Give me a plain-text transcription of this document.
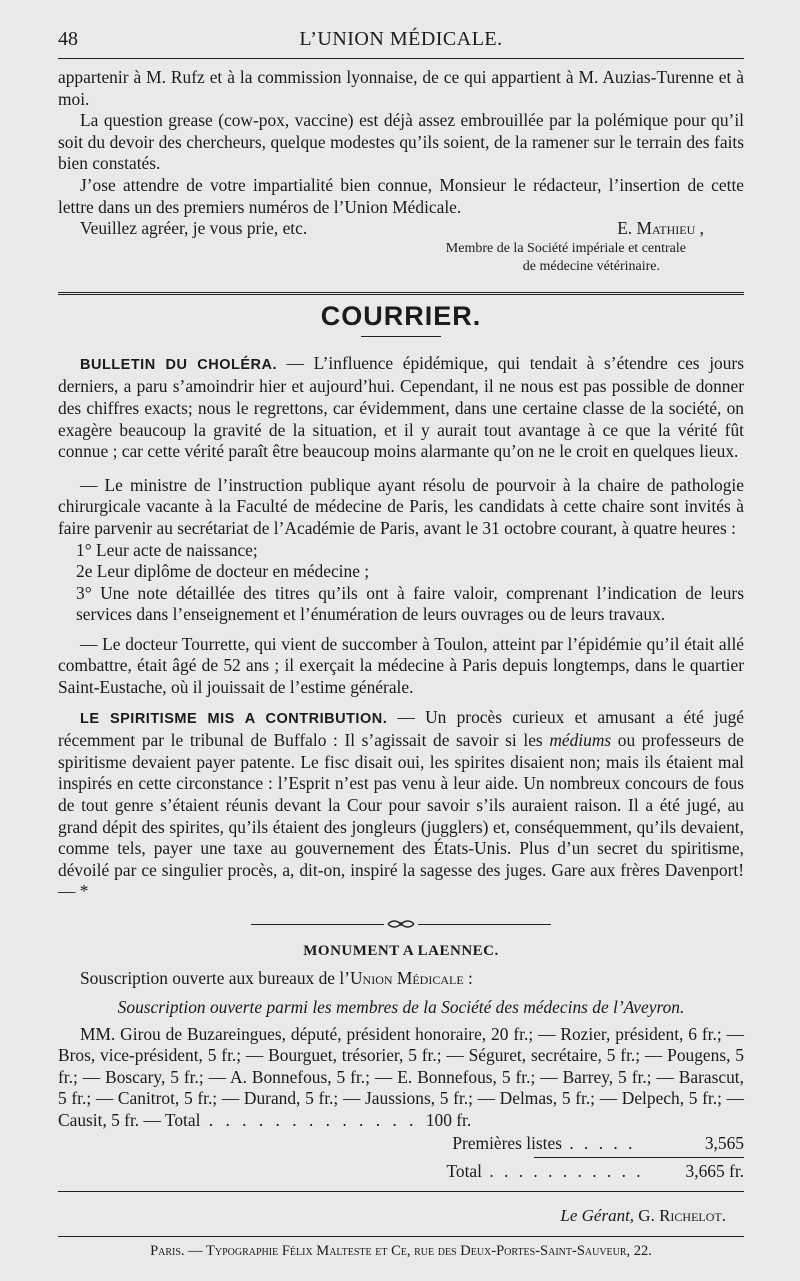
48	L’UNION MÉDICALE.

appartenir à M. Rufz et à la commission lyonnaise, de ce qui appartient à M. Auzias-Turenne et à moi.

La question grease (cow-pox, vaccine) est déjà assez embrouillée par la polémique pour qu’il soit du devoir des chercheurs, quelque modestes qu’ils soient, de la ramener sur le terrain des faits bien constatés.

J’ose attendre de votre impartialité bien connue, Monsieur le rédacteur, l’insertion de cette lettre dans un des premiers numéros de l’Union Médicale.

Veuillez agréer, je vous prie, etc.	E. Mathieu ,
Membre de la Société impériale et centrale
de médecine vétérinaire.
COURRIER.

BULLETIN DU CHOLÉRA. — L’influence épidémique, qui tendait à s’étendre ces jours derniers, a paru s’amoindrir hier et aujourd’hui. Cependant, il ne nous est pas possible de donner des chiffres exacts; nous le regrettons, car évidemment, dans une certaine classe de la société, on exagère beaucoup la gravité de la situation, et il y aurait tout avantage à ce que la vérité fût connue ; car cette vérité paraît être beaucoup moins alarmante qu’on ne le croit en quelques lieux.

— Le ministre de l’instruction publique ayant résolu de pourvoir à la chaire de pathologie chirurgicale vacante à la Faculté de médecine de Paris, les candidats à cette chaire sont invités à faire parvenir au secrétariat de l’Académie de Paris, avant le 31 octobre courant, à quatre heures :

1° Leur acte de naissance;

2e Leur diplôme de docteur en médecine ;

3° Une note détaillée des titres qu’ils ont à faire valoir, comprenant l’indication de leurs services dans l’enseignement et l’énumération de leurs ouvrages ou de leurs travaux.

— Le docteur Tourrette, qui vient de succomber à Toulon, atteint par l’épidémie qu’il était allé combattre, était âgé de 52 ans ; il exerçait la médecine à Paris depuis longtemps, dans le quartier Saint-Eustache, où il jouissait de l’estime générale.

LE SPIRITISME MIS A CONTRIBUTION. — Un procès curieux et amusant a été jugé récemment par le tribunal de Buffalo : Il s’agissait de savoir si les médiums ou professeurs de spiritisme devaient payer patente. Le fisc disait oui, les spirites disaient non; mais ils étaient mal inspirés en cette circonstance : l’Esprit n’est pas venu à leur aide. Un nombreux concours de fous de tout genre s’étaient réunis devant la Cour pour savoir s’ils auraient raison. Il a été jugé, au grand dépit des spirites, qu’ils étaient des jongleurs (jugglers) et, conséquemment, qu’ils devaient, comme tels, payer une taxe au gouvernement des États-Unis. Plus d’un secret du spiritisme, dévoilé par ce singulier procès, a, dit-on, inspiré la sagesse des juges. Gare aux frères Davenport! — *

MONUMENT A LAENNEC.

Souscription ouverte aux bureaux de l’Union Médicale :

Souscription ouverte parmi les membres de la Société des médecins de l’Aveyron.

MM. Girou de Buzareingues, député, président honoraire, 20 fr.; — Rozier, président, 6 fr.; — Bros, vice-président, 5 fr.; — Bourguet, trésorier, 5 fr.; — Séguret, secrétaire, 5 fr.; — Pougens, 5 fr.; — Boscary, 5 fr.; — A. Bonnefous, 5 fr.; — E. Bonnefous, 5 fr.; — Barrey, 5 fr.; — Barascut, 5 fr.; — Canitrot, 5 fr.; — Durand, 5 fr.; — Jaussions, 5 fr.; — Delmas, 5 fr.; — Delpech, 5 fr.; — Causit, 5 fr. — Total . . . . . . . . . . . . . 100 fr.

Premières listes . . . . .	3,565
Total . . . . . . . . . . .	3,665 fr.
Le Gérant, G. Richelot.
Paris. — Typographie Félix Malteste et Ce, rue des Deux-Portes-Saint-Sauveur, 22.
